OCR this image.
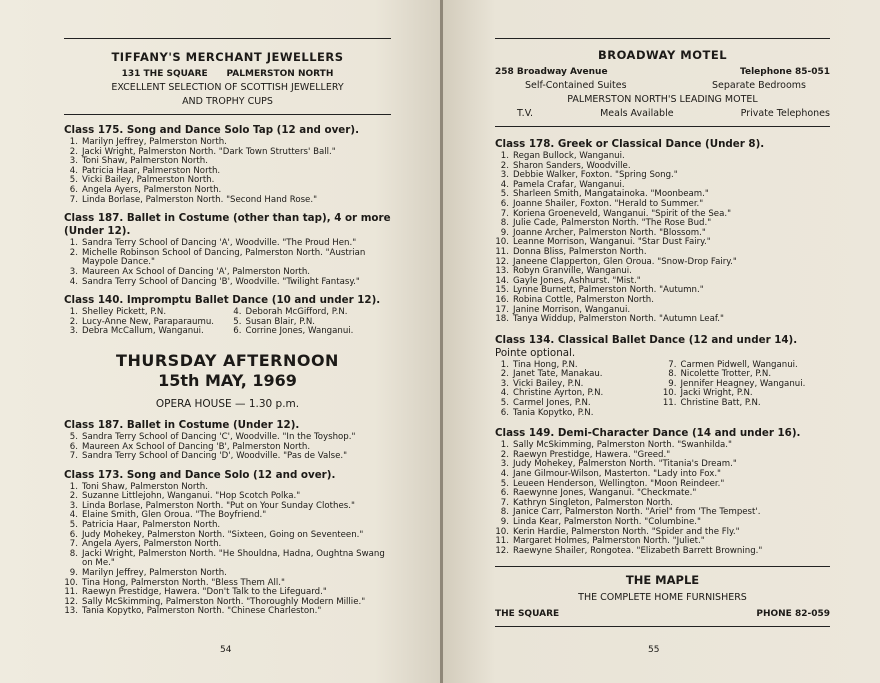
TIFFANY'S MERCHANT JEWELLERS
131 THE SQUARE PALMERSTON NORTH
EXCELLENT SELECTION OF SCOTTISH JEWELLERY
AND TROPHY CUPS
Class 175. Song and Dance Solo Tap (12 and over).
1. Marilyn Jeffrey, Palmerston North.
2. Jacki Wright, Palmerston North. "Dark Town Strutters' Ball."
3. Toni Shaw, Palmerston North.
4. Patricia Haar, Palmerston North.
5. Vicki Bailey, Palmerston North.
6. Angela Ayers, Palmerston North.
7. Linda Borlase, Palmerston North. "Second Hand Rose."
Class 187. Ballet in Costume (other than tap), 4 or more (Under 12).
1. Sandra Terry School of Dancing 'A', Woodville. "The Proud Hen."
2. Michelle Robinson School of Dancing, Palmerston North. "Austrian Maypole Dance."
3. Maureen Ax School of Dancing 'A', Palmerston North.
4. Sandra Terry School of Dancing 'B', Woodville. "Twilight Fantasy."
Class 140. Impromptu Ballet Dance (10 and under 12).
1. Shelley Pickett, P.N.
2. Lucy-Anne New, Paraparaumu.
3. Debra McCallum, Wanganui.
4. Deborah McGifford, P.N.
5. Susan Blair, P.N.
6. Corrine Jones, Wanganui.
THURSDAY AFTERNOON
15th MAY, 1969
OPERA HOUSE — 1.30 p.m.
Class 187. Ballet in Costume (Under 12).
5. Sandra Terry School of Dancing 'C', Woodville. "In the Toyshop."
6. Maureen Ax School of Dancing 'B', Palmerston North.
7. Sandra Terry School of Dancing 'D', Woodville. "Pas de Valse."
Class 173. Song and Dance Solo (12 and over).
1. Toni Shaw, Palmerston North.
2. Suzanne Littlejohn, Wanganui. "Hop Scotch Polka."
3. Linda Borlase, Palmerston North. "Put on Your Sunday Clothes."
4. Elaine Smith, Glen Oroua. "The Boyfriend."
5. Patricia Haar, Palmerston North.
6. Judy Mohekey, Palmerston North. "Sixteen, Going on Seventeen."
7. Angela Ayers, Palmerston North.
8. Jacki Wright, Palmerston North. "He Shouldna, Hadna, Oughtna Swang on Me."
9. Marilyn Jeffrey, Palmerston North.
10. Tina Hong, Palmerston North. "Bless Them All."
11. Raewyn Prestidge, Hawera. "Don't Talk to the Lifeguard."
12. Sally McSkimming, Palmerston North. "Thoroughly Modern Millie."
13. Tania Kopytko, Palmerston North. "Chinese Charleston."
54
BROADWAY MOTEL
258 Broadway Avenue	Telephone 85-051
Self-Contained Suites	Separate Bedrooms
PALMERSTON NORTH'S LEADING MOTEL
T.V.	Meals Available	Private Telephones
Class 178. Greek or Classical Dance (Under 8).
1. Regan Bullock, Wanganui.
2. Sharon Sanders, Woodville.
3. Debbie Walker, Foxton. "Spring Song."
4. Pamela Crafar, Wanganui.
5. Sharleen Smith, Mangatainoka. "Moonbeam."
6. Joanne Shailer, Foxton. "Herald to Summer."
7. Koriena Groeneveld, Wanganui. "Spirit of the Sea."
8. Julie Cade, Palmerston North. "The Rose Bud."
9. Joanne Archer, Palmerston North. "Blossom."
10. Leanne Morrison, Wanganui. "Star Dust Fairy."
11. Donna Bliss, Palmerston North.
12. Janeene Clapperton, Glen Oroua. "Snow-Drop Fairy."
13. Robyn Granville, Wanganui.
14. Gayle Jones, Ashhurst. "Mist."
15. Lynne Burnett, Palmerston North. "Autumn."
16. Robina Cottle, Palmerston North.
17. Janine Morrison, Wanganui.
18. Tanya Widdup, Palmerston North. "Autumn Leaf."
Class 134. Classical Ballet Dance (12 and under 14). Pointe optional.
1. Tina Hong, P.N.
2. Janet Tate, Manakau.
3. Vicki Bailey, P.N.
4. Christine Ayrton, P.N.
5. Carmel Jones, P.N.
6. Tania Kopytko, P.N.
7. Carmen Pidwell, Wanganui.
8. Nicolette Trotter, P.N.
9. Jennifer Heagney, Wanganui.
10. Jacki Wright, P.N.
11. Christine Batt, P.N.
Class 149. Demi-Character Dance (14 and under 16).
1. Sally McSkimming, Palmerston North. "Swanhilda."
2. Raewyn Prestidge, Hawera. "Greed."
3. Judy Mohekey, Palmerston North. "Titania's Dream."
4. Jane Gilmour-Wilson, Masterton. "Lady into Fox."
5. Leueen Henderson, Wellington. "Moon Reindeer."
6. Raewynne Jones, Wanganui. "Checkmate."
7. Kathryn Singleton, Palmerston North.
8. Janice Carr, Palmerston North. "Ariel" from 'The Tempest'.
9. Linda Kear, Palmerston North. "Columbine."
10. Kerin Hardie, Palmerston North. "Spider and the Fly."
11. Margaret Holmes, Palmerston North. "Juliet."
12. Raewyne Shailer, Rongotea. "Elizabeth Barrett Browning."
THE MAPLE
THE COMPLETE HOME FURNISHERS
THE SQUARE	PHONE 82-059
55
